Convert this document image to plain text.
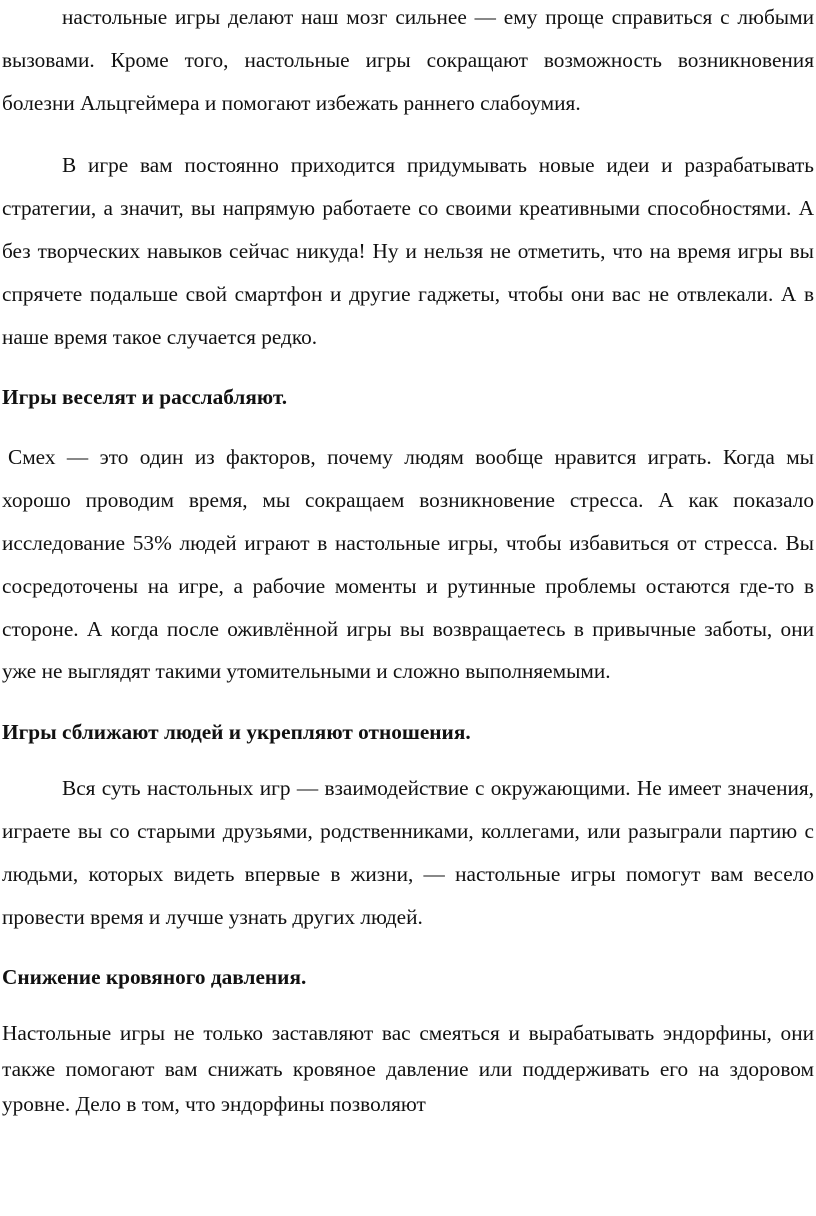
настольные игры делают наш мозг сильнее — ему проще справиться с любыми вызовами. Кроме того, настольные игры сокращают возможность возникновения болезни Альцгеймера и помогают избежать раннего слабоумия.

В игре вам постоянно приходится придумывать новые идеи и разрабатывать стратегии, а значит, вы напрямую работаете со своими креативными способностями. А без творческих навыков сейчас никуда! Ну и нельзя не отметить, что на время игры вы спрячете подальше свой смартфон и другие гаджеты, чтобы они вас не отвлекали. А в наше время такое случается редко.

Игры веселят и расслабляют.

Смех — это один из факторов, почему людям вообще нравится играть. Когда мы хорошо проводим время, мы сокращаем возникновение стресса. А как показало исследование 53% людей играют в настольные игры, чтобы избавиться от стресса. Вы сосредоточены на игре, а рабочие моменты и рутинные проблемы остаются где-то в стороне. А когда после оживлённой игры вы возвращаетесь в привычные заботы, они уже не выглядят такими утомительными и сложно выполняемыми.

Игры сближают людей и укрепляют отношения.

Вся суть настольных игр — взаимодействие с окружающими. Не имеет значения, играете вы со старыми друзьями, родственниками, коллегами, или разыграли партию с людьми, которых видеть впервые в жизни, — настольные игры помогут вам весело провести время и лучше узнать других людей.

Снижение кровяного давления.

Настольные игры не только заставляют вас смеяться и вырабатывать эндорфины, они также помогают вам снижать кровяное давление или поддерживать его на здоровом уровне. Дело в том, что эндорфины позволяют
